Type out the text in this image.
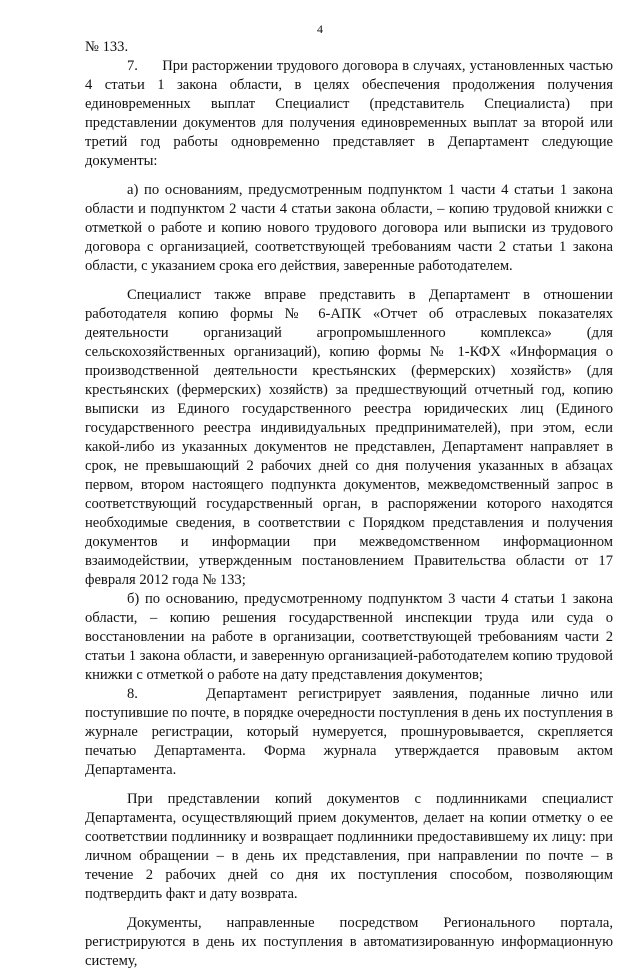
4

№ 133.

7.      При расторжении трудового договора в случаях, установленных частью 4 статьи 1 закона области, в целях обеспечения продолжения получения единовременных выплат Специалист (представитель Специалиста) при представлении документов для получения единовременных выплат за второй или третий год работы одновременно представляет в Департамент следующие документы:

а) по основаниям, предусмотренным подпунктом 1 части 4 статьи 1 закона области и подпунктом 2 части 4 статьи закона области, – копию трудовой книжки с отметкой о работе и копию нового трудового договора или выписки из трудового договора с организацией, соответствующей требованиям части 2 статьи 1 закона области, с указанием срока его действия, заверенные работодателем.

Специалист также вправе представить в Департамент в отношении работодателя копию формы № 6-АПК «Отчет об отраслевых показателях деятельности организаций агропромышленного комплекса» (для сельскохозяйственных организаций), копию формы № 1-КФХ «Информация о производственной деятельности крестьянских (фермерских) хозяйств» (для крестьянских (фермерских) хозяйств) за предшествующий отчетный год, копию выписки из Единого государственного реестра юридических лиц (Единого государственного реестра индивидуальных предпринимателей), при этом, если какой-либо из указанных документов не представлен, Департамент направляет в срок, не превышающий 2 рабочих дней со дня получения указанных в абзацах первом, втором настоящего подпункта документов, межведомственный запрос в соответствующий государственный орган, в распоряжении которого находятся необходимые сведения, в соответствии с Порядком представления и получения документов и информации при межведомственном информационном взаимодействии, утвержденным постановлением Правительства области от 17 февраля 2012 года № 133;

б) по основанию, предусмотренному подпунктом 3 части 4 статьи 1 закона области, – копию решения государственной инспекции труда или суда о восстановлении на работе в организации, соответствующей требованиям части 2 статьи 1 закона области, и заверенную организацией-работодателем копию трудовой книжки с отметкой о работе на дату представления документов;

8.      Департамент регистрирует заявления, поданные лично или поступившие по почте, в порядке очередности поступления в день их поступления в журнале регистрации, который нумеруется, прошнуровывается, скрепляется печатью Департамента. Форма журнала утверждается правовым актом Департамента.

При представлении копий документов с подлинниками специалист Департамента, осуществляющий прием документов, делает на копии отметку о ее соответствии подлиннику и возвращает подлинники предоставившему их лицу: при личном обращении – в день их представления, при направлении по почте – в течение 2 рабочих дней со дня их поступления способом, позволяющим подтвердить факт и дату возврата.

Документы, направленные посредством Регионального портала, регистрируются в день их поступления в автоматизированную информационную систему,
